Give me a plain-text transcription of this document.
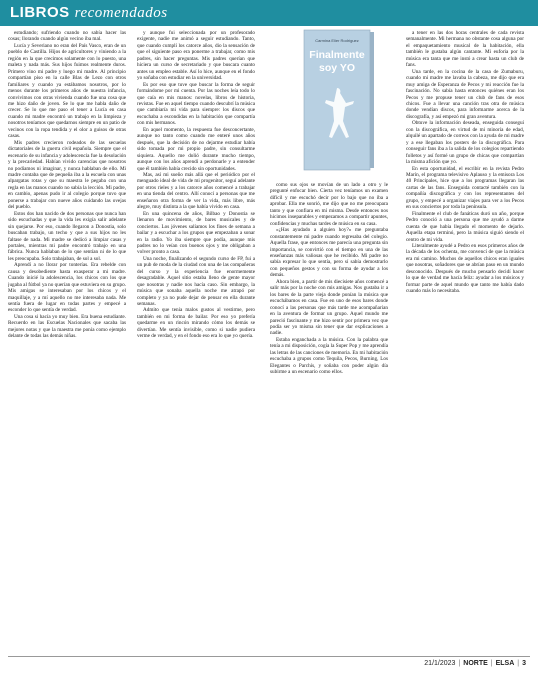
LIBROS recomendados

estudiando; sufriendo cuando no sabía hacer las cosas; llorando cuando algún vecino iba mal.

Lucía y Severiano no eran del País Vasco, eran de un pueblo de Castilla. Hijos de agricultores y viniendo a la región en la que crecimos solamente con lo puesto, una maleta y nada más. Sus hijos fuimos realmente duros. Primero vino mi padre y luego mi madre. Al principio compartían piso en la calle Blas de Lezo con otros familiares y cuando ya estábamos nosotros, por lo menos durante los primeros años de nuestra infancia, convivimos con otras vivienda cuando fue una cosa que me hizo daño de joven. Se lo que me habla daño de crecer. Se lo que me paso el tener a Lucía en casa cuando mi madre encontró un trabajo en la limpieza y nosotros teníamos que quedarnos siempre en un patio de vecinos con la ropa tendida y el olor a guisos de otras casas.

Mis padres crecieron rodeados de las secuelas dictatoriales de la guerra civil española. Siempre que el escenario de su infancia y adolescencia fue la desolación y la precariedad. Habían vivido carencias que nosotros no podíamos ni imaginar, y nunca hablaban de ello. Mi madre contaba que de pequeña iba a la escuela con unas alpargatas rotas y que su maestra le pegaba con una regla en las manos cuando no sabía la lección. Mi padre, en cambio, apenas pudo ir al colegio porque tuvo que ponerse a trabajar con nueve años cuidando las ovejas del pueblo.

Estos dos han nacido de dos personas que nunca han sido escuchadas y que la vida les exigía salir adelante sin quejarse. Por eso, cuando llegaron a Donostia, solo buscaban trabajo, un techo y que a sus hijos no les faltase de nada. Mi madre se dedicó a limpiar casas y portales, mientras mi padre encontró trabajo en una fábrica. Nunca hablaban de lo que sentían ni de lo que les preocupaba. Solo trabajaban, de sol a sol.

Aprendí a no llorar por tonterías. Era rebelde con causa y desobediente hasta exasperar a mi madre. Cuando inicié la adolescencia, los chicos con los que jugaba al fútbol ya no querían que estuviera en su grupo. Mis amigas se interesaban por los chicos y el maquillaje, y a mí aquello no me interesaba nada. Me sentía fuera de lugar en todas partes y empecé a esconder lo que sentía de verdad.

Una cosa si hacía yo muy bien. Era buena estudiante. Recuerdo en las Escuelas Nacionales que sacaba las mejores notas y que la maestra me ponía como ejemplo delante de todas las demás niñas.

y aunque fui seleccionada por un profesorado exigente, nadie me animó a seguir estudiando. Tanto, que cuando cumplí los catorce años, dio la sensación de que el siguiente paso era ponerme a trabajar, como mis padres, sin hacer preguntas. Mis padres querían que hiciera un curso de secretariado y que buscara cuanto antes un empleo estable. Así lo hice, aunque en el fondo yo soñaba con estudiar en la universidad.

Es por eso que tuve que buscar la forma de seguir formándome por mi cuenta. Por las noches leía todo lo que caía en mis manos: novelas, libros de historia, revistas. Fue en aquel tiempo cuando descubrí la música que cambiaría mi vida para siempre: los discos que escuchaba a escondidas en la habitación que compartía con mis hermanos.

En aquel momento, la respuesta fue desconcertante, aunque no tanto como cuando me enteré unos años después, que la decisión de no dejarme estudiar había sido tomada por mi propio padre, sin consultarme siquiera. Aquello me dolió durante mucho tiempo, aunque con los años aprendí a perdonarle y a entender que él también había crecido sin oportunidades.

Mas, así mi sueño más allá que el periódico por el menguado ideal de vida de mi progenitor, seguí adelante por otros rieles y a los catorce años comencé a trabajar en una tienda del centro. Allí conocí a personas que me enseñaron otra forma de ver la vida, más libre, más alegre, muy distinta a la que había vivido en casa.

En una quincena de años, Bilbao y Donostia se llenaron de movimiento, de bares musicales y de conciertos. Los jóvenes salíamos los fines de semana a bailar y a escuchar a los grupos que empezaban a sonar en la radio. Yo iba siempre que podía, aunque mis padres no lo veían con buenos ojos y me obligaban a volver pronto a casa.

Una noche, finalizando el segundo curso de FP, fui a un pub de moda de la ciudad con una de las compañeras del curso y la experiencia fue enormemente desagradable. Aquel sitio estaba lleno de gente mayor que nosotras y nadie nos hacía caso. Sin embargo, la música que sonaba aquella noche me atrapó por completo y ya no pude dejar de pensar en ella durante semanas.

Admito que tenía malos gustos al vestirme, pero también en mi forma de bailar. Por eso yo prefería quedarme en un rincón mirando cómo los demás se divertían. Me sentía invisible, como si nadie pudiera verme de verdad, y en el fondo eso era lo que yo quería.

Carmina Elier Rodriguez
Finalmente
soy YO

como sus ojos se movían de un lado a otro y le pregunté enfocar bien. Cierta vez teníamos un examen difícil y me escuchó decir por lo bajo que no iba a aprobar. Ella me sonrió, me dijo que no me preocupara tanto y que confiara en mí misma. Desde entonces nos hicimos inseparables y empezamos a compartir apuntes, confidencias y muchas tardes de música en su casa.

«¿Has ayudado a alguien hoy?» me preguntaba constantemente mi padre cuando regresaba del colegio. Aquella frase, que entonces me parecía una pregunta sin importancia, se convirtió con el tiempo en una de las enseñanzas más valiosas que he recibido. Mi padre no sabía expresar lo que sentía, pero sí sabía demostrarlo con pequeños gestos y con su forma de ayudar a los demás.

Ahora bien, a partir de mis diecisiete años comencé a salir más por la noche con mis amigas. Nos gustaba ir a los bares de la parte vieja donde ponían la música que escuchábamos en casa. Fue en uno de esos bares donde conocí a las personas que más tarde me acompañarían en la aventura de formar un grupo. Aquel mundo me pareció fascinante y me hizo sentir por primera vez que podía ser yo misma sin tener que dar explicaciones a nadie.

Estaba enganchada a la música. Con la palabra que tenía a mi disposición, cogía la Super Pop y me aprendía las letras de las canciones de memoria. En mi habitación escuchaba a grupos como Tequila, Pecos, Burning, Los Elegantes o Parchís, y soñaba con poder algún día subirme a un escenario como ellos.

a tener en las dos horas centrales de cada revista semanalmente. Mi hermana no obstante cosa alguna por el empaquetamiento musical de la habitación, ella también le gustaba algún cantante. Mi euforia por la música era tanta que me instó a crear hasta un club de fans.

Una tarde, en la cocina de la casa de Zumaburu, cuando mi madre me lavaba la cabeza, me dijo que era muy amiga de Esperanza de Pecos y mi reacción fue la fascinación. No sabía hasta entonces quiénes eran los Pecos y me propuse tener un club de fans de esos chicos. Fue a llevar una canción tras otra de música donde vendían discos, para informarme acerca de la discografía, y así empezó mi gran aventura.

Obtuve la información deseada, enseguida conseguí con la discográfica, en virtud de mi minoría de edad, alquilé un apartado de correos con la ayuda de mi madre y a ese llegaban los posters de la discográfica. Para conseguir fans iba a la salida de los colegios repartiendo folletos y así formé un grupo de chicas que compartían la misma afición que yo.

En esta oportunidad, el escribir en la revista Pedro Marín, el programa televisivo Aplauso y la emisora Los 40 Principales, hice que a los programas llegaran las cartas de las fans. Enseguida contacté también con la compañía discográfica y con los representantes del grupo, y empecé a organizar viajes para ver a los Pecos en sus conciertos por toda la península.

Finalmente el club de fanáticas duró un año, porque Pedro conoció a una persona que me ayudó a darme cuenta de que había llegado el momento de dejarlo. Aquella etapa terminó, pero la música siguió siendo el centro de mi vida.

Literalmente ayudé a Pedro en esos primeros años de la década de los ochenta, me convencí de que la música era mi camino. Muchos de aquellos chicos eran iguales que nosotras, soñadores que se abrían paso en un mundo desconocido. Después de mucho pensarlo decidí hacer lo que de verdad me hacía feliz: ayudar a los músicos y formar parte de aquel mundo que tanto me había dado cuando más lo necesitaba.

21/1/2023 | NORTE | ELSA | 3
